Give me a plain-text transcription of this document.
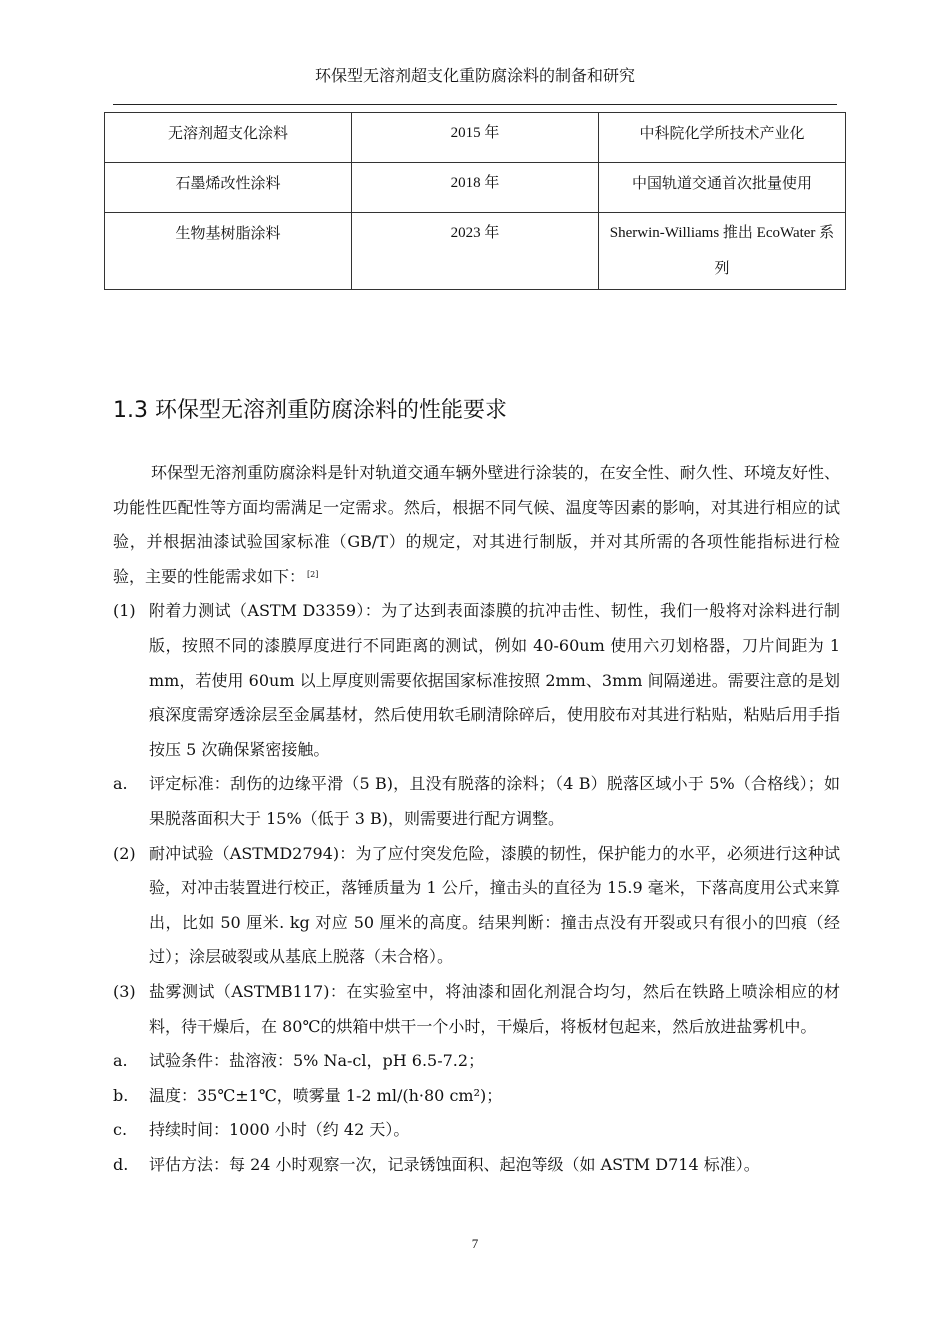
环保型无溶剂超支化重防腐涂料的制备和研究
无溶剂超支化涂料	2015 年	中科院化学所技术产业化
石墨烯改性涂料	2018 年	中国轨道交通首次批量使用
生物基树脂涂料	2023 年	Sherwin-Williams 推出 EcoWater 系列
1.3 环保型无溶剂重防腐涂料的性能要求

环保型无溶剂重防腐涂料是针对轨道交通车辆外壁进行涂装的，在安全性、耐久性、环境友好性、功能性匹配性等方面均需满足一定需求。然后，根据不同气候、温度等因素的影响，对其进行相应的试验，并根据油漆试验国家标准（GB/T）的规定，对其进行制版，并对其所需的各项性能指标进行检验，主要的性能需求如下： [2]

(1) 附着力测试（ASTM D3359）：为了达到表面漆膜的抗冲击性、韧性，我们一般将对涂料进行制版，按照不同的漆膜厚度进行不同距离的测试，例如 40-60um 使用六刃划格器，刀片间距为 1 mm，若使用 60um 以上厚度则需要依据国家标准按照 2mm、3mm 间隔递进。需要注意的是划痕深度需穿透涂层至金属基材，然后使用软毛刷清除碎后，使用胶布对其进行粘贴，粘贴后用手指按压 5 次确保紧密接触。
a.	评定标准：刮伤的边缘平滑（5 B)，且没有脱落的涂料；（4 B）脱落区域小于 5%（合格线）；如果脱落面积大于 15%（低于 3 B)，则需要进行配方调整。
(2) 耐冲试验（ASTMD2794)：为了应付突发危险，漆膜的韧性，保护能力的水平，必须进行这种试验，对冲击装置进行校正，落锤质量为 1 公斤，撞击头的直径为 15.9 毫米，下落高度用公式来算出，比如 50 厘米. kg 对应 50 厘米的高度。结果判断：撞击点没有开裂或只有很小的凹痕（经过）；涂层破裂或从基底上脱落（未合格）。
(3) 盐雾测试（ASTMB117)：在实验室中，将油漆和固化剂混合均匀，然后在铁路上喷涂相应的材料，待干燥后，在 80℃的烘箱中烘干一个小时，干燥后，将板材包起来，然后放进盐雾机中。
a.	试验条件：盐溶液：5% Na-cl，pH 6.5-7.2；
b.	温度：35℃±1℃，喷雾量 1-2 ml/(h·80 cm²)；
c.	持续时间：1000 小时（约 42 天）。
d.	评估方法：每 24 小时观察一次，记录锈蚀面积、起泡等级（如 ASTM D714 标准）。
7
